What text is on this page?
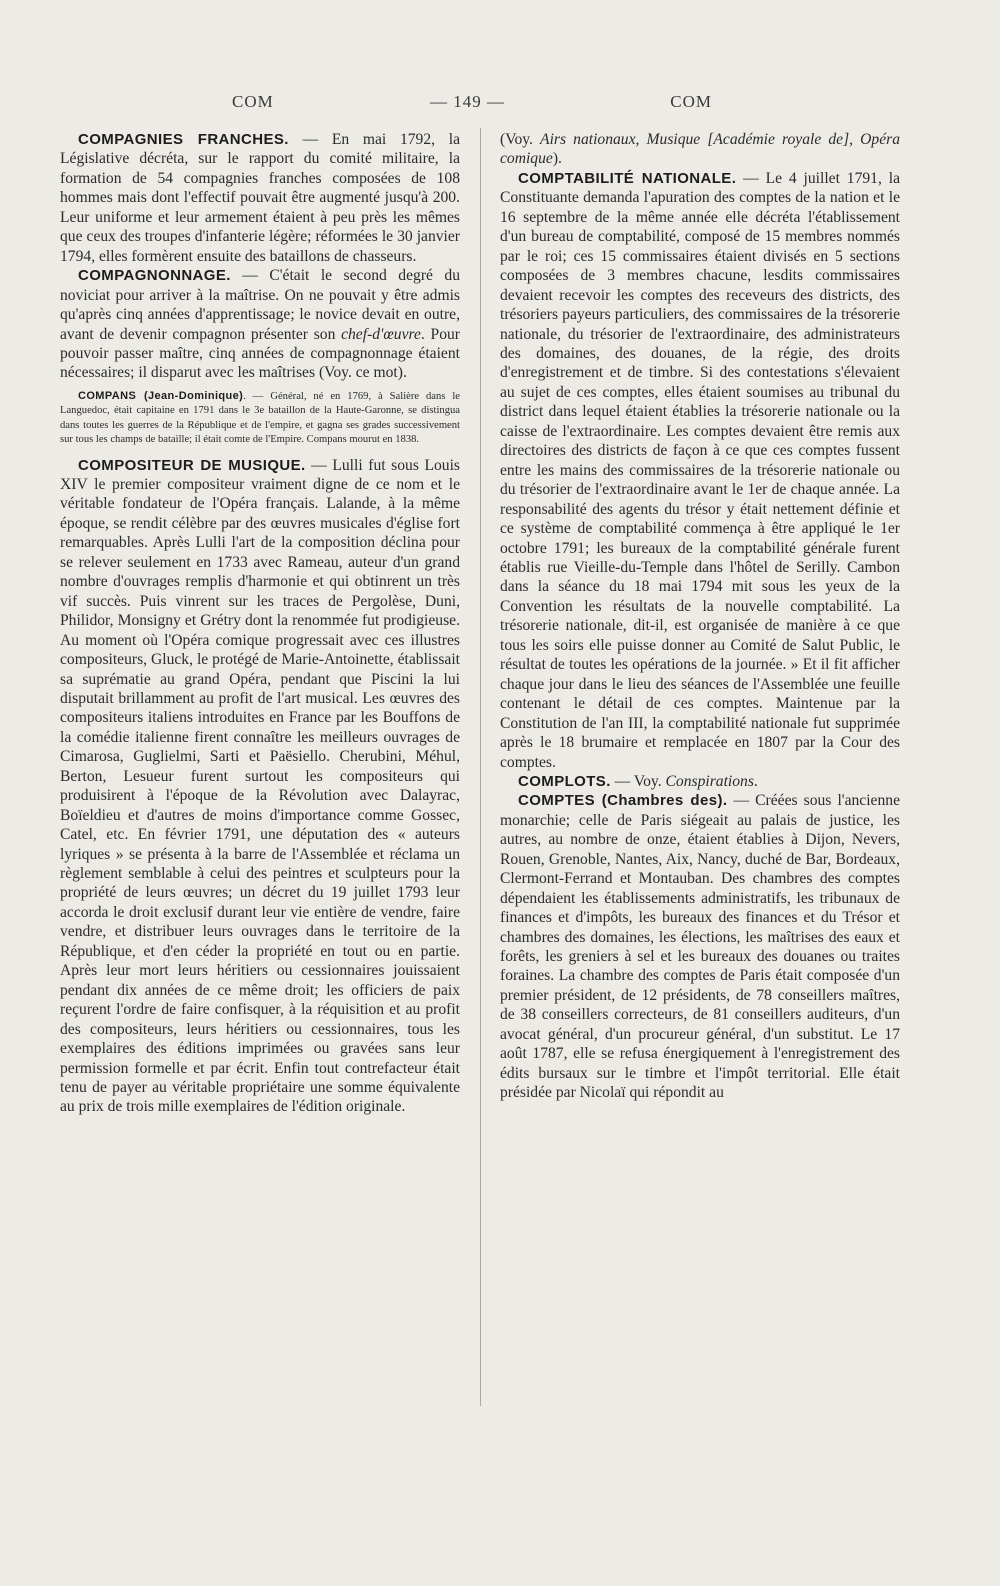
COM	— 149 —	COM

COMPAGNIES FRANCHES. — En mai 1792, la Législative décréta, sur le rapport du comité militaire, la formation de 54 compagnies franches composées de 108 hommes mais dont l'effectif pouvait être augmenté jusqu'à 200. Leur uniforme et leur armement étaient à peu près les mêmes que ceux des troupes d'infanterie légère; réformées le 30 janvier 1794, elles formèrent ensuite des bataillons de chasseurs.

COMPAGNONNAGE. — C'était le second degré du noviciat pour arriver à la maîtrise. On ne pouvait y être admis qu'après cinq années d'apprentissage; le novice devait en outre, avant de devenir compagnon présenter son chef-d'œuvre. Pour pouvoir passer maître, cinq années de compagnonnage étaient nécessaires; il disparut avec les maîtrises (Voy. ce mot).

COMPANS (Jean-Dominique). — Général, né en 1769, à Salière dans le Languedoc, était capitaine en 1791 dans le 3e bataillon de la Haute-Garonne, se distingua dans toutes les guerres de la République et de l'empire, et gagna ses grades successivement sur tous les champs de bataille; il était comte de l'Empire. Compans mourut en 1838.

COMPOSITEUR DE MUSIQUE. — Lulli fut sous Louis XIV le premier compositeur vraiment digne de ce nom et le véritable fondateur de l'Opéra français. Lalande, à la même époque, se rendit célèbre par des œuvres musicales d'église fort remarquables. Après Lulli l'art de la composition déclina pour se relever seulement en 1733 avec Rameau, auteur d'un grand nombre d'ouvrages remplis d'harmonie et qui obtinrent un très vif succès. Puis vinrent sur les traces de Pergolèse, Duni, Philidor, Monsigny et Grétry dont la renommée fut prodigieuse. Au moment où l'Opéra comique progressait avec ces illustres compositeurs, Gluck, le protégé de Marie-Antoinette, établissait sa suprématie au grand Opéra, pendant que Piscini la lui disputait brillamment au profit de l'art musical. Les œuvres des compositeurs italiens introduites en France par les Bouffons de la comédie italienne firent connaître les meilleurs ouvrages de Cimarosa, Guglielmi, Sarti et Paësiello. Cherubini, Méhul, Berton, Lesueur furent surtout les compositeurs qui produisirent à l'époque de la Révolution avec Dalayrac, Boïeldieu et d'autres de moins d'importance comme Gossec, Catel, etc. En février 1791, une députation des « auteurs lyriques » se présenta à la barre de l'Assemblée et réclama un règlement semblable à celui des peintres et sculpteurs pour la propriété de leurs œuvres; un décret du 19 juillet 1793 leur accorda le droit exclusif durant leur vie entière de vendre, faire vendre, et distribuer leurs ouvrages dans le territoire de la République, et d'en céder la propriété en tout ou en partie. Après leur mort leurs héritiers ou cessionnaires jouissaient pendant dix années de ce même droit; les officiers de paix reçurent l'ordre de faire confisquer, à la réquisition et au profit des compositeurs, leurs héritiers ou cessionnaires, tous les exemplaires des éditions imprimées ou gravées sans leur permission formelle et par écrit. Enfin tout contrefacteur était tenu de payer au véritable propriétaire une somme équivalente au prix de trois mille exemplaires de l'édition originale.

(Voy. Airs nationaux, Musique [Académie royale de], Opéra comique).

COMPTABILITÉ NATIONALE. — Le 4 juillet 1791, la Constituante demanda l'apuration des comptes de la nation et le 16 septembre de la même année elle décréta l'établissement d'un bureau de comptabilité, composé de 15 membres nommés par le roi; ces 15 commissaires étaient divisés en 5 sections composées de 3 membres chacune, lesdits commissaires devaient recevoir les comptes des receveurs des districts, des trésoriers payeurs particuliers, des commissaires de la trésorerie nationale, du trésorier de l'extraordinaire, des administrateurs des domaines, des douanes, de la régie, des droits d'enregistrement et de timbre. Si des contestations s'élevaient au sujet de ces comptes, elles étaient soumises au tribunal du district dans lequel étaient établies la trésorerie nationale ou la caisse de l'extraordinaire. Les comptes devaient être remis aux directoires des districts de façon à ce que ces comptes fussent entre les mains des commissaires de la trésorerie nationale ou du trésorier de l'extraordinaire avant le 1er de chaque année. La responsabilité des agents du trésor y était nettement définie et ce système de comptabilité commença à être appliqué le 1er octobre 1791; les bureaux de la comptabilité générale furent établis rue Vieille-du-Temple dans l'hôtel de Serilly. Cambon dans la séance du 18 mai 1794 mit sous les yeux de la Convention les résultats de la nouvelle comptabilité. La trésorerie nationale, dit-il, est organisée de manière à ce que tous les soirs elle puisse donner au Comité de Salut Public, le résultat de toutes les opérations de la journée. » Et il fit afficher chaque jour dans le lieu des séances de l'Assemblée une feuille contenant le détail de ces comptes. Maintenue par la Constitution de l'an III, la comptabilité nationale fut supprimée après le 18 brumaire et remplacée en 1807 par la Cour des comptes.

COMPLOTS. — Voy. Conspirations.

COMPTES (Chambres des). — Créées sous l'ancienne monarchie; celle de Paris siégeait au palais de justice, les autres, au nombre de onze, étaient établies à Dijon, Nevers, Rouen, Grenoble, Nantes, Aix, Nancy, duché de Bar, Bordeaux, Clermont-Ferrand et Montauban. Des chambres des comptes dépendaient les établissements administratifs, les tribunaux de finances et d'impôts, les bureaux des finances et du Trésor et chambres des domaines, les élections, les maîtrises des eaux et forêts, les greniers à sel et les bureaux des douanes ou traites foraines. La chambre des comptes de Paris était composée d'un premier président, de 12 présidents, de 78 conseillers maîtres, de 38 conseillers correcteurs, de 81 conseillers auditeurs, d'un avocat général, d'un procureur général, d'un substitut. Le 17 août 1787, elle se refusa énergiquement à l'enregistrement des édits bursaux sur le timbre et l'impôt territorial. Elle était présidée par Nicolaï qui répondit au
